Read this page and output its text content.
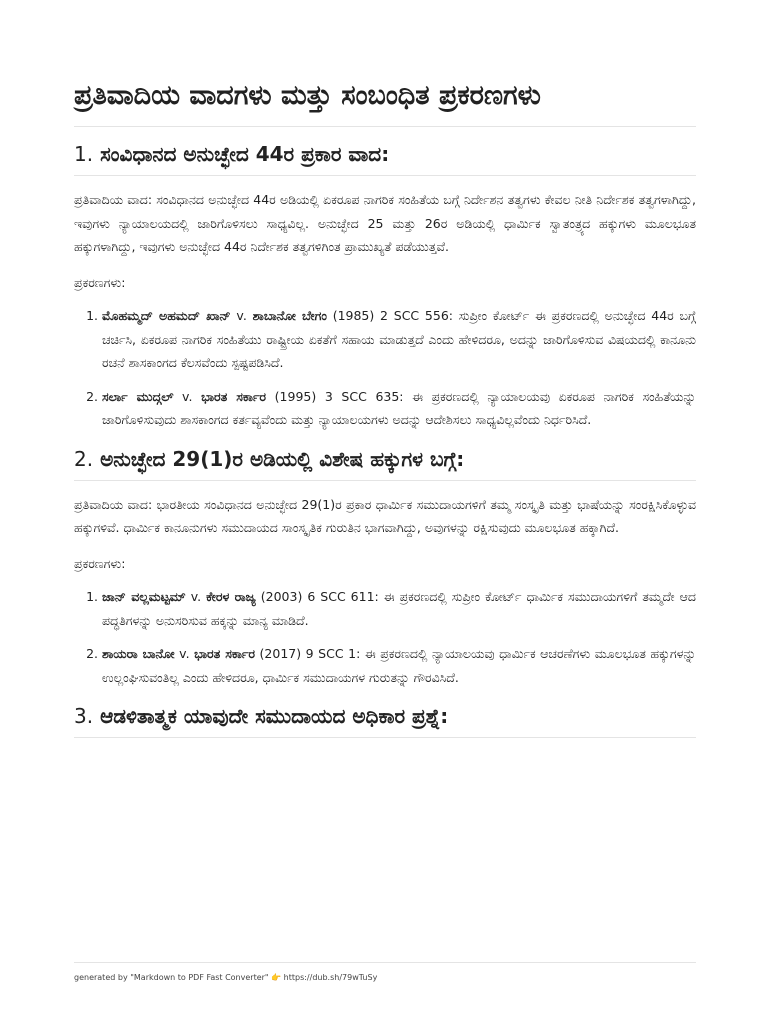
ಪ್ರತಿವಾದಿಯ ವಾದಗಳು ಮತ್ತು ಸಂಬಂಧಿತ ಪ್ರಕರಣಗಳು
1. ಸಂವಿಧಾನದ ಅನುಚ್ಛೇದ 44ರ ಪ್ರಕಾರ ವಾದ:

ಪ್ರತಿವಾದಿಯ ವಾದ: ಸಂವಿಧಾನದ ಅನುಚ್ಛೇದ 44ರ ಅಡಿಯಲ್ಲಿ ಏಕರೂಪ ನಾಗರಿಕ ಸಂಹಿತೆಯ ಬಗ್ಗೆ ನಿರ್ದೇಶನ ತತ್ವಗಳು ಕೇವಲ ನೀತಿ ನಿರ್ದೇಶಕ ತತ್ವಗಳಾಗಿದ್ದು, ಇವುಗಳು ನ್ಯಾಯಾಲಯದಲ್ಲಿ ಜಾರಿಗೊಳಿಸಲು ಸಾಧ್ಯವಿಲ್ಲ. ಅನುಚ್ಛೇದ 25 ಮತ್ತು 26ರ ಅಡಿಯಲ್ಲಿ ಧಾರ್ಮಿಕ ಸ್ವಾತಂತ್ರ್ಯದ ಹಕ್ಕುಗಳು ಮೂಲಭೂತ ಹಕ್ಕುಗಳಾಗಿದ್ದು, ಇವುಗಳು ಅನುಚ್ಛೇದ 44ರ ನಿರ್ದೇಶಕ ತತ್ವಗಳಿಗಿಂತ ಪ್ರಾಮುಖ್ಯತೆ ಪಡೆಯುತ್ತವೆ.

ಪ್ರಕರಣಗಳು:

1. ಮೊಹಮ್ಮದ್ ಅಹಮದ್ ಖಾನ್ v. ಶಾಬಾನೋ ಬೇಗಂ (1985) 2 SCC 556: ಸುಪ್ರೀಂ ಕೋರ್ಟ್ ಈ ಪ್ರಕರಣದಲ್ಲಿ ಅನುಚ್ಛೇದ 44ರ ಬಗ್ಗೆ ಚರ್ಚಿಸಿ, ಏಕರೂಪ ನಾಗರಿಕ ಸಂಹಿತೆಯು ರಾಷ್ಟ್ರೀಯ ಏಕತೆಗೆ ಸಹಾಯ ಮಾಡುತ್ತದೆ ಎಂದು ಹೇಳಿದರೂ, ಅದನ್ನು ಜಾರಿಗೊಳಿಸುವ ವಿಷಯದಲ್ಲಿ ಕಾನೂನು ರಚನೆ ಶಾಸಕಾಂಗದ ಕೆಲಸವೆಂದು ಸ್ಪಷ್ಟಪಡಿಸಿದೆ.
2. ಸರ್ಲಾ ಮುದ್ಗಲ್ v. ಭಾರತ ಸರ್ಕಾರ (1995) 3 SCC 635: ಈ ಪ್ರಕರಣದಲ್ಲಿ ನ್ಯಾಯಾಲಯವು ಏಕರೂಪ ನಾಗರಿಕ ಸಂಹಿತೆಯನ್ನು ಜಾರಿಗೊಳಿಸುವುದು ಶಾಸಕಾಂಗದ ಕರ್ತವ್ಯವೆಂದು ಮತ್ತು ನ್ಯಾಯಾಲಯಗಳು ಅದನ್ನು ಆದೇಶಿಸಲು ಸಾಧ್ಯವಿಲ್ಲವೆಂದು ನಿರ್ಧರಿಸಿದೆ.
2. ಅನುಚ್ಛೇದ 29(1)ರ ಅಡಿಯಲ್ಲಿ ವಿಶೇಷ ಹಕ್ಕುಗಳ ಬಗ್ಗೆ:

ಪ್ರತಿವಾದಿಯ ವಾದ: ಭಾರತೀಯ ಸಂವಿಧಾನದ ಅನುಚ್ಛೇದ 29(1)ರ ಪ್ರಕಾರ ಧಾರ್ಮಿಕ ಸಮುದಾಯಗಳಿಗೆ ತಮ್ಮ ಸಂಸ್ಕೃತಿ ಮತ್ತು ಭಾಷೆಯನ್ನು ಸಂರಕ್ಷಿಸಿಕೊಳ್ಳುವ ಹಕ್ಕುಗಳಿವೆ. ಧಾರ್ಮಿಕ ಕಾನೂನುಗಳು ಸಮುದಾಯದ ಸಾಂಸ್ಕೃತಿಕ ಗುರುತಿನ ಭಾಗವಾಗಿದ್ದು, ಅವುಗಳನ್ನು ರಕ್ಷಿಸುವುದು ಮೂಲಭೂತ ಹಕ್ಕಾಗಿದೆ.

ಪ್ರಕರಣಗಳು:

1. ಜಾನ್ ವಲ್ಲಮಟ್ಟಮ್ v. ಕೇರಳ ರಾಜ್ಯ (2003) 6 SCC 611: ಈ ಪ್ರಕರಣದಲ್ಲಿ ಸುಪ್ರೀಂ ಕೋರ್ಟ್ ಧಾರ್ಮಿಕ ಸಮುದಾಯಗಳಿಗೆ ತಮ್ಮದೇ ಆದ ಪದ್ಧತಿಗಳನ್ನು ಅನುಸರಿಸುವ ಹಕ್ಕನ್ನು ಮಾನ್ಯ ಮಾಡಿದೆ.
2. ಶಾಯರಾ ಬಾನೋ v. ಭಾರತ ಸರ್ಕಾರ (2017) 9 SCC 1: ಈ ಪ್ರಕರಣದಲ್ಲಿ ನ್ಯಾಯಾಲಯವು ಧಾರ್ಮಿಕ ಆಚರಣೆಗಳು ಮೂಲಭೂತ ಹಕ್ಕುಗಳನ್ನು ಉಲ್ಲಂಘಿಸುವಂತಿಲ್ಲ ಎಂದು ಹೇಳಿದರೂ, ಧಾರ್ಮಿಕ ಸಮುದಾಯಗಳ ಗುರುತನ್ನು ಗೌರವಿಸಿದೆ.
3. ಆಡಳಿತಾತ್ಮಕ ಯಾವುದೇ ಸಮುದಾಯದ ಅಧಿಕಾರ ಪ್ರಶ್ನೆ:
generated by "Markdown to PDF Fast Converter" 👉 https://dub.sh/79wTuSy
